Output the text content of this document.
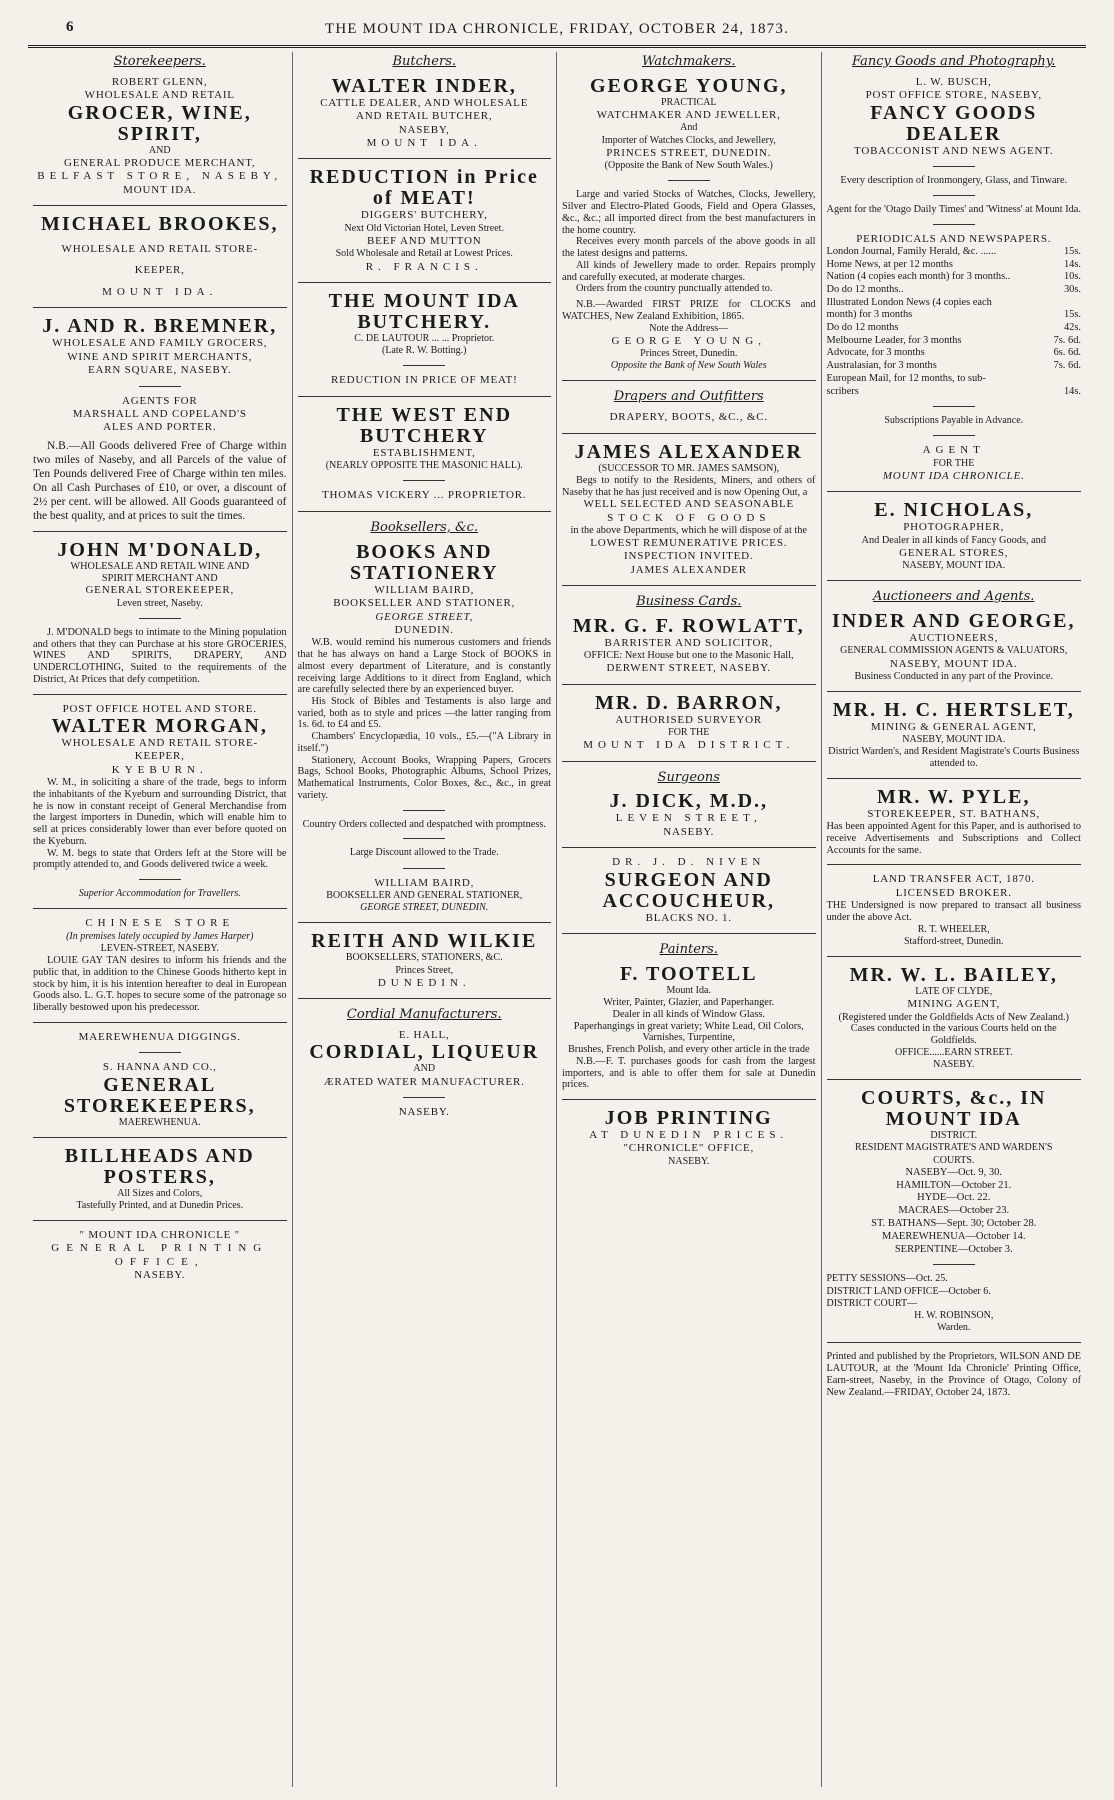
6	THE MOUNT IDA CHRONICLE, FRIDAY, OCTOBER 24, 1873.
Storekeepers.
ROBERT GLENN,
WHOLESALE AND RETAIL
GROCER, WINE, SPIRIT,
AND
GENERAL PRODUCE MERCHANT,
BELFAST STORE, NASEBY,
MOUNT IDA.
MICHAEL BROOKES,
WHOLESALE AND RETAIL STORE-
KEEPER,
MOUNT IDA.
J. AND R. BREMNER,
WHOLESALE AND FAMILY GROCERS,
WINE AND SPIRIT MERCHANTS,
EARN SQUARE, NASEBY.
AGENTS FOR
MARSHALL AND COPELAND'S
ALES AND PORTER.
N.B.—All Goods delivered Free of Charge within two miles of Naseby, and all Parcels of the value of Ten Pounds delivered Free of Charge within ten miles. On all Cash Purchases of £10, or over, a discount of 2½ per cent. will be allowed. All Goods guaranteed of the best quality, and at prices to suit the times.
JOHN M'DONALD,
WHOLESALE AND RETAIL WINE AND
SPIRIT MERCHANT AND
GENERAL STOREKEEPER,
Leven street, Naseby.
J. M'DONALD begs to intimate to the Mining population and others that they can Purchase at his store GROCERIES, WINES AND SPIRITS, DRAPERY, AND UNDERCLOTHING, Suited to the requirements of the District, At Prices that defy competition.
POST OFFICE HOTEL AND STORE.
WALTER MORGAN,
WHOLESALE AND RETAIL STORE-
KEEPER,
KYEBURN.
W. M., in soliciting a share of the trade, begs to inform the inhabitants of the Kyeburn and surrounding District, that he is now in constant receipt of General Merchandise from the largest importers in Dunedin, which will enable him to sell at prices considerably lower than ever before quoted on the Kyeburn.
W. M. begs to state that Orders left at the Store will be promptly attended to, and Goods delivered twice a week.
Superior Accommodation for Travellers.
CHINESE STORE
(In premises lately occupied by James Harper)
LEVEN-STREET, NASEBY.
LOUIE GAY TAN desires to inform his friends and the public that, in addition to the Chinese Goods hitherto kept in stock by him, it is his intention hereafter to deal in European Goods also. L. G.T. hopes to secure some of the patronage so liberally bestowed upon his predecessor.
MAEREWHENUA DIGGINGS.
S. HANNA AND CO.,
GENERAL STOREKEEPERS,
MAEREWHENUA.
BILLHEADS AND POSTERS,
All Sizes and Colors,
Tastefully Printed, and at Dunedin Prices.
" MOUNT IDA CHRONICLE "
GENERAL PRINTING OFFICE,
NASEBY.
Butchers.
WALTER INDER,
CATTLE DEALER, AND WHOLESALE
AND RETAIL BUTCHER,
NASEBY,
MOUNT IDA.
REDUCTION in Price of MEAT!
DIGGERS' BUTCHERY,
Next Old Victorian Hotel, Leven Street.
BEEF AND MUTTON
Sold Wholesale and Retail at Lowest Prices.
R. FRANCIS.
THE MOUNT IDA BUTCHERY.
C. DE LAUTOUR ... ... Proprietor.
(Late R. W. Botting.)
REDUCTION IN PRICE OF MEAT!
THE WEST END BUTCHERY
ESTABLISHMENT,
(NEARLY OPPOSITE THE MASONIC HALL).
THOMAS VICKERY ... PROPRIETOR.
Booksellers, &c.
BOOKS AND STATIONERY
WILLIAM BAIRD,
BOOKSELLER AND STATIONER,
GEORGE STREET,
DUNEDIN.
W.B. would remind his numerous customers and friends that he has always on hand a Large Stock of BOOKS in almost every department of Literature, and is constantly receiving large Additions to it direct from England, which are carefully selected there by an experienced buyer.
His Stock of Bibles and Testaments is also large and varied, both as to style and prices —the latter ranging from 1s. 6d. to £4 and £5.
Chambers' Encyclopædia, 10 vols., £5.—("A Library in itself.")
Stationery, Account Books, Wrapping Papers, Grocers Bags, School Books, Photographic Albums, School Prizes, Mathematical Instruments, Color Boxes, &c., &c., in great variety.
Country Orders collected and despatched with promptness.
Large Discount allowed to the Trade.
WILLIAM BAIRD,
BOOKSELLER AND GENERAL STATIONER,
GEORGE STREET, DUNEDIN.
REITH AND WILKIE
BOOKSELLERS, STATIONERS, &C.
Princes Street,
DUNEDIN.
Cordial Manufacturers.
E. HALL,
CORDIAL, LIQUEUR
AND
ÆRATED WATER MANUFACTURER.
NASEBY.
Watchmakers.
GEORGE YOUNG,
PRACTICAL
WATCHMAKER AND JEWELLER,
And
Importer of Watches Clocks, and Jewellery,
PRINCES STREET, DUNEDIN.
(Opposite the Bank of New South Wales.)
Large and varied Stocks of Watches, Clocks, Jewellery, Silver and Electro-Plated Goods, Field and Opera Glasses, &c., &c.; all imported direct from the best manufacturers in the home country.
Receives every month parcels of the above goods in all the latest designs and patterns.
All kinds of Jewellery made to order. Repairs promply and carefully executed, at moderate charges.
Orders from the country punctually attended to.
N.B.—Awarded FIRST PRIZE for CLOCKS and WATCHES, New Zealand Exhibition, 1865.
Note the Address—
GEORGE YOUNG,
Princes Street, Dunedin.
Opposite the Bank of New South Wales
Drapers and Outfitters
DRAPERY, BOOTS, &C., &C.
JAMES ALEXANDER
(SUCCESSOR TO MR. JAMES SAMSON),
Begs to notify to the Residents, Miners, and others of Naseby that he has just received and is now Opening Out, a
WELL SELECTED AND SEASONABLE
STOCK OF GOODS
in the above Departments, which he will dispose of at the
LOWEST REMUNERATIVE PRICES.
INSPECTION INVITED.
JAMES ALEXANDER
Business Cards.
MR. G. F. ROWLATT,
BARRISTER AND SOLICITOR,
OFFICE: Next House but one to the Masonic Hall,
DERWENT STREET, NASEBY.
MR. D. BARRON,
AUTHORISED SURVEYOR
FOR THE
MOUNT IDA DISTRICT.
Surgeons
J. DICK, M.D.,
LEVEN STREET,
NASEBY.
DR. J. D. NIVEN
SURGEON AND ACCOUCHEUR,
BLACKS NO. 1.
Painters.
F. TOOTELL
Mount Ida.
Writer, Painter, Glazier, and Paperhanger.
Dealer in all kinds of Window Glass.
Paperhangings in great variety; White Lead, Oil Colors, Varnishes, Turpentine,
Brushes, French Polish, and every other article in the trade
N.B.—F. T. purchases goods for cash from the largest importers, and is able to offer them for sale at Dunedin prices.
JOB PRINTING
AT DUNEDIN PRICES.
"CHRONICLE" OFFICE,
NASEBY.
Fancy Goods and Photography.
L. W. BUSCH,
POST OFFICE STORE, NASEBY,
FANCY GOODS DEALER
TOBACCONIST AND NEWS AGENT.
Every description of Ironmongery, Glass, and Tinware.
Agent for the 'Otago Daily Times' and 'Witness' at Mount Ida.
PERIODICALS AND NEWSPAPERS.
London Journal, Family Herald, &c. ......	15s.
Home News, at per 12 months	14s.
Nation (4 copies each month) for 3 months..	10s.
Do do 12 months..	30s.
Illustrated London News (4 copies each
month) for 3 months	15s.
Do do 12 months	42s.
Melbourne Leader, for 3 months	7s. 6d.
Advocate, for 3 months	6s. 6d.
Australasian, for 3 months	7s. 6d.
European Mail, for 12 months, to sub-
scribers	14s.
Subscriptions Payable in Advance.
AGENT
FOR THE
MOUNT IDA CHRONICLE.
E. NICHOLAS,
PHOTOGRAPHER,
And Dealer in all kinds of Fancy Goods, and
GENERAL STORES,
NASEBY, MOUNT IDA.
Auctioneers and Agents.
INDER AND GEORGE,
AUCTIONEERS,
GENERAL COMMISSION AGENTS & VALUATORS,
NASEBY, MOUNT IDA.
Business Conducted in any part of the Province.
MR. H. C. HERTSLET,
MINING & GENERAL AGENT,
NASEBY, MOUNT IDA.
District Warden's, and Resident Magistrate's Courts Business attended to.
MR. W. PYLE,
STOREKEEPER, ST. BATHANS,
Has been appointed Agent for this Paper, and is authorised to receive Advertisements and Subscriptions and Collect Accounts for the same.
LAND TRANSFER ACT, 1870.
LICENSED BROKER.
THE Undersigned is now prepared to transact all business under the above Act.
R. T. WHEELER,
Stafford-street, Dunedin.
MR. W. L. BAILEY,
LATE OF CLYDE,
MINING AGENT,
(Registered under the Goldfields Acts of New Zealand.)
Cases conducted in the various Courts held on the Goldfields.
OFFICE......EARN STREET.
NASEBY.
COURTS, &c., IN MOUNT IDA
DISTRICT.
RESIDENT MAGISTRATE'S AND WARDEN'S
COURTS.
NASEBY—Oct. 9, 30.
HAMILTON—October 21.
HYDE—Oct. 22.
MACRAES—October 23.
ST. BATHANS—Sept. 30; October 28.
MAEREWHENUA—October 14.
SERPENTINE—October 3.
PETTY SESSIONS—Oct. 25.
DISTRICT LAND OFFICE—October 6.
DISTRICT COURT—
H. W. ROBINSON,
Warden.
Printed and published by the Proprietors, WILSON AND DE LAUTOUR, at the 'Mount Ida Chronicle' Printing Office, Earn-street, Naseby, in the Province of Otago, Colony of New Zealand.—FRIDAY, October 24, 1873.
